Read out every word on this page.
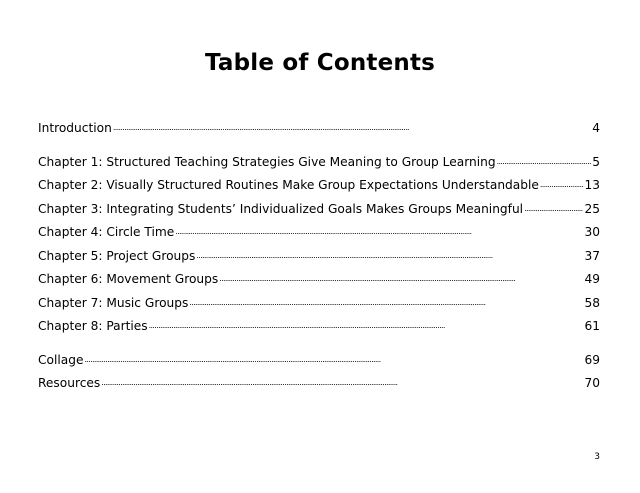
Table of Contents
Introduction . . .	4
Chapter 1: Structured Teaching Strategies Give Meaning to Group Learning . . .	5
Chapter 2: Visually Structured Routines Make Group Expectations Understandable . . .	13
Chapter 3: Integrating Students’ Individualized Goals Makes Groups Meaningful . . .	25
Chapter 4: Circle Time . . .	30
Chapter 5: Project Groups . . .	37
Chapter 6: Movement Groups . . .	49
Chapter 7: Music Groups . . .	58
Chapter 8: Parties . . .	61
Collage . . .	69
Resources . . .	70
3
